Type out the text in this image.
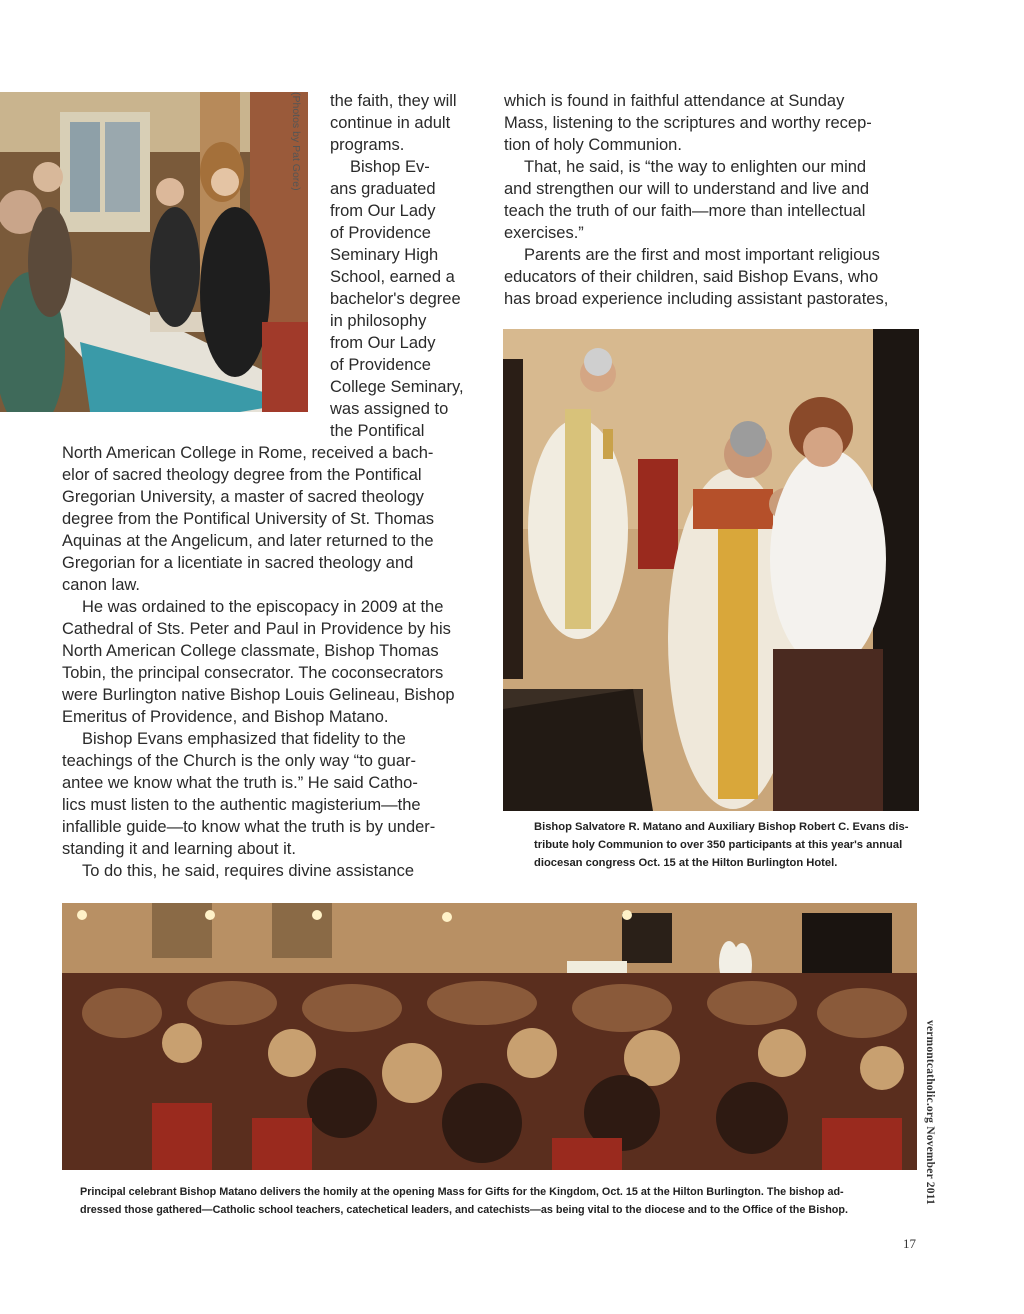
(Photos by Pat Gore) the faith, they will
continue in adult
programs.
Bishop Ev-
ans graduated
from Our Lady
of Providence
Seminary High
School, earned a
bachelor's degree
in philosophy
from Our Lady
of Providence
College Seminary,
was assigned to
the Pontifical
North American College in Rome, received a bach-
elor of sacred theology degree from the Pontifical
Gregorian University, a master of sacred theology
degree from the Pontifical University of St. Thomas
Aquinas at the Angelicum, and later returned to the
Gregorian for a licentiate in sacred theology and
canon law.
He was ordained to the episcopacy in 2009 at the
Cathedral of Sts. Peter and Paul in Providence by his
North American College classmate, Bishop Thomas
Tobin, the principal consecrator. The coconsecrators
were Burlington native Bishop Louis Gelineau, Bishop
Emeritus of Providence, and Bishop Matano.
Bishop Evans emphasized that fidelity to the
teachings of the Church is the only way “to guar-
antee we know what the truth is.” He said Catho-
lics must listen to the authentic magisterium—the
infallible guide—to know what the truth is by under-
standing it and learning about it.
To do this, he said, requires divine assistance
which is found in faithful attendance at Sunday
Mass, listening to the scriptures and worthy recep-
tion of holy Communion.
That, he said, is “the way to enlighten our mind
and strengthen our will to understand and live and
teach the truth of our faith—more than intellectual
exercises.”
Parents are the first and most important religious
educators of their children, said Bishop Evans, who
has broad experience including assistant pastorates,
Bishop Salvatore R. Matano and Auxiliary Bishop Robert C. Evans dis-
tribute holy Communion to over 350 participants at this year's annual
diocesan congress Oct. 15 at the Hilton Burlington Hotel.
Principal celebrant Bishop Matano delivers the homily at the opening Mass for Gifts for the Kingdom, Oct. 15 at the Hilton Burlington. The bishop ad-
dressed those gathered—Catholic school teachers, catechetical leaders, and catechists—as being vital to the diocese and to the Office of the Bishop.
vermontcatholic.org November 2011
17
